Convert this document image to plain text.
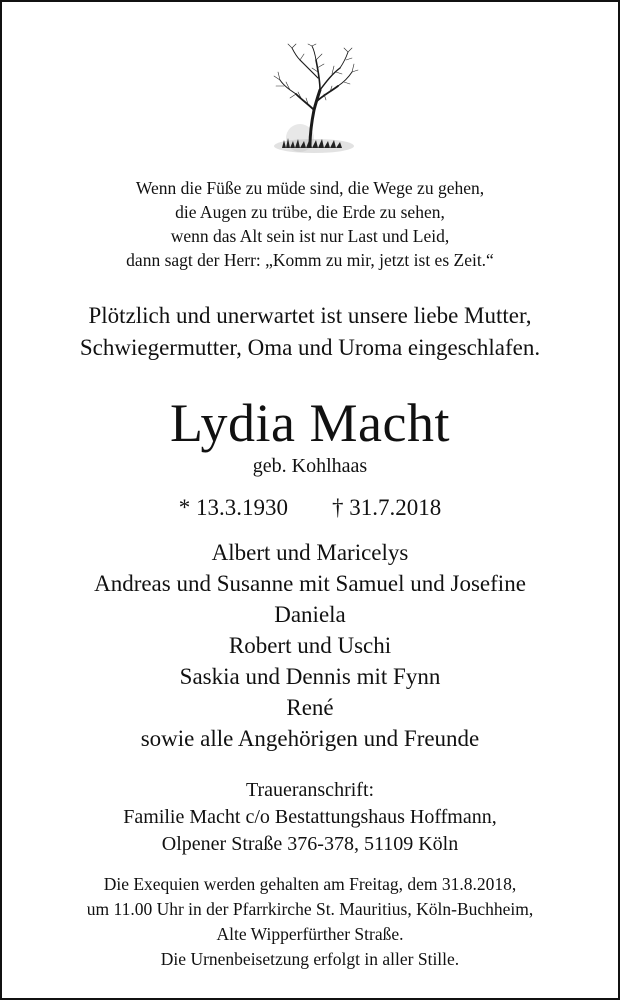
Wenn die Füße zu müde sind, die Wege zu gehen,
die Augen zu trübe, die Erde zu sehen,
wenn das Alt sein ist nur Last und Leid,
dann sagt der Herr: „Komm zu mir, jetzt ist es Zeit.“
Plötzlich und unerwartet ist unsere liebe Mutter,
Schwiegermutter, Oma und Uroma eingeschlafen.
Lydia Macht
geb. Kohlhaas
* 13.3.1930 † 31.7.2018
Albert und Maricelys
Andreas und Susanne mit Samuel und Josefine
Daniela
Robert und Uschi
Saskia und Dennis mit Fynn
René
sowie alle Angehörigen und Freunde
Traueranschrift:
Familie Macht c/o Bestattungshaus Hoffmann,
Olpener Straße 376-378, 51109 Köln
Die Exequien werden gehalten am Freitag, dem 31.8.2018,
um 11.00 Uhr in der Pfarrkirche St. Mauritius, Köln-Buchheim,
Alte Wipperfürther Straße.
Die Urnenbeisetzung erfolgt in aller Stille.
